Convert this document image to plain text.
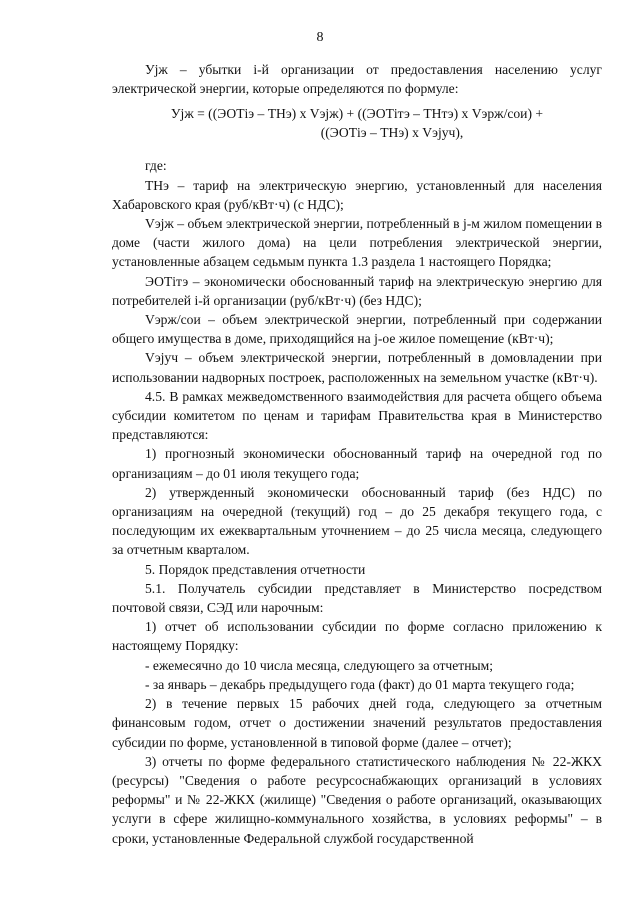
8

Уjж – убытки i-й организации от предоставления населению услуг электрической энергии, которые определяются по формуле:

Уjж = ((ЭОТiэ – ТНэ) х Vэjж) + ((ЭОТiтэ – ТНтэ) х Vэрж/сои) +
((ЭОТiэ – ТНэ) х Vэjуч),

где:

ТНэ – тариф на электрическую энергию, установленный для населения Хабаровского края (руб/кВт·ч) (с НДС);

Vэjж – объем электрической энергии, потребленный в j-м жилом помещении в доме (части жилого дома) на цели потребления электрической энергии, установленные абзацем седьмым пункта 1.3 раздела 1 настоящего Порядка;

ЭОТiтэ – экономически обоснованный тариф на электрическую энергию для потребителей i-й организации (руб/кВт·ч) (без НДС);

Vэрж/сои – объем электрической энергии, потребленный при содержании общего имущества в доме, приходящийся на j-ое жилое помещение (кВт·ч);

Vэjуч – объем электрической энергии, потребленный в домовладении при использовании надворных построек, расположенных на земельном участке (кВт·ч).

4.5. В рамках межведомственного взаимодействия для расчета общего объема субсидии комитетом по ценам и тарифам Правительства края в Министерство представляются:

1) прогнозный экономически обоснованный тариф на очередной год по организациям – до 01 июля текущего года;

2) утвержденный экономически обоснованный тариф (без НДС) по организациям на очередной (текущий) год – до 25 декабря текущего года, с последующим их ежеквартальным уточнением – до 25 числа месяца, следующего за отчетным кварталом.

5. Порядок представления отчетности

5.1. Получатель субсидии представляет в Министерство посредством почтовой связи, СЭД или нарочным:

1) отчет об использовании субсидии по форме согласно приложению к настоящему Порядку:

- ежемесячно до 10 числа месяца, следующего за отчетным;

- за январь – декабрь предыдущего года (факт) до 01 марта текущего года;

2) в течение первых 15 рабочих дней года, следующего за отчетным финансовым годом, отчет о достижении значений результатов предоставления субсидии по форме, установленной в типовой форме (далее – отчет);

3) отчеты по форме федерального статистического наблюдения № 22-ЖКХ (ресурсы) "Сведения о работе ресурсоснабжающих организаций в условиях реформы" и № 22-ЖКХ (жилище) "Сведения о работе организаций, оказывающих услуги в сфере жилищно-коммунального хозяйства, в условиях реформы" – в сроки, установленные Федеральной службой государственной
